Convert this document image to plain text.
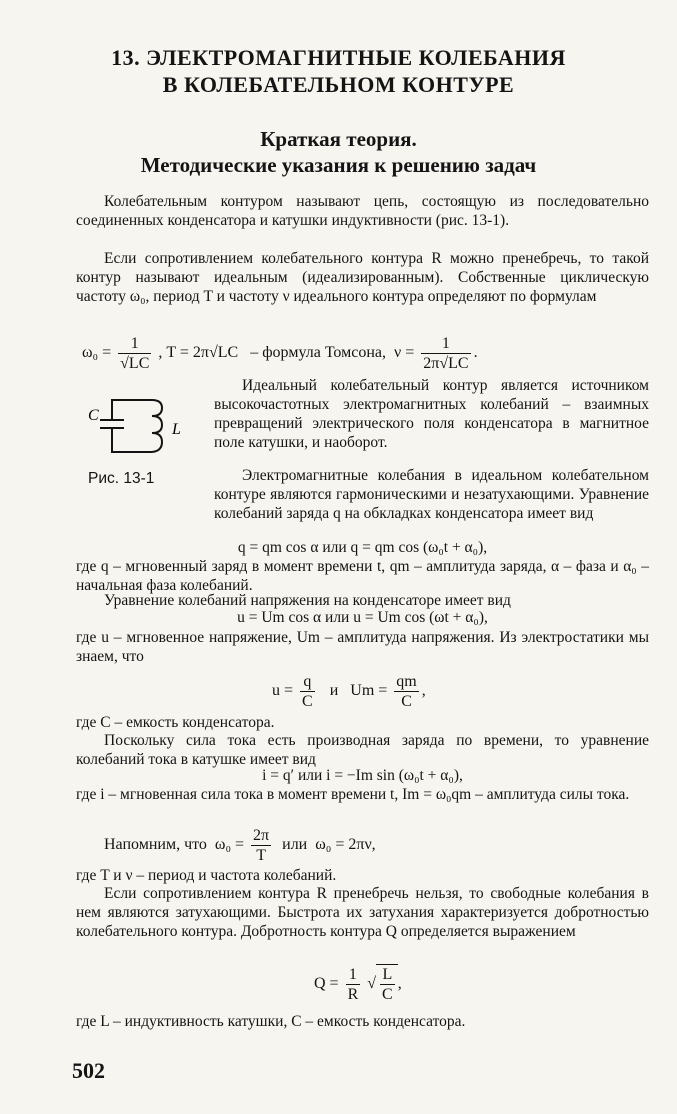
13. ЭЛЕКТРОМАГНИТНЫЕ КОЛЕБАНИЯ
В КОЛЕБАТЕЛЬНОМ КОНТУРЕ
Краткая теория.
Методические указания к решению задач

Колебательным контуром называют цепь, состоящую из последовательно соединенных конденсатора и катушки индуктивности (рис. 13-1).

Если сопротивлением колебательного контура R можно пренебречь, то такой контур называют идеальным (идеализированным). Собственные циклическую частоту ω₀, период T и частоту ν идеального контура определяют по формулам

$\omega_0 = \frac{1}{√LC}$ , T = 2π√LC – формула Томсона, $\nu = \frac{1}{2\pi√LC}$ .
C
L
Рис. 13-1

Идеальный колебательный контур является источником высокочастотных электромагнитных колебаний – взаимных превращений электрического поля конденсатора в магнитное поле катушки, и наоборот.

Электромагнитные колебания в идеальном колебательном контуре являются гармоническими и незатухающими. Уравнение колебаний заряда q на обкладках конденсатора имеет вид

q = qm cos α или q = qm cos (ω₀t + α₀),

где q – мгновенный заряд в момент времени t, qm – амплитуда заряда, α – фаза и α₀ – начальная фаза колебаний.

Уравнение колебаний напряжения на конденсаторе имеет вид

u = Um cos α или u = Um cos (ωt + α₀),

где u – мгновенное напряжение, Um – амплитуда напряжения. Из электростатики мы знаем, что

$u = \frac{q}{C}$ и $Um = \frac{qm}{C}$ ,

где C – емкость конденсатора.

Поскольку сила тока есть производная заряда по времени, то уравнение колебаний тока в катушке имеет вид

i = q′ или i = −Im sin (ω₀t + α₀),

где i – мгновенная сила тока в момент времени t, Im = ω₀qm – амплитуда силы тока.

Напомним, что $\omega_0 = \frac{2\pi}{T}$ или ω₀ = 2πν,

где T и ν – период и частота колебаний.

Если сопротивлением контура R пренебречь нельзя, то свободные колебания в нем являются затухающими. Быстрота их затухания характеризуется добротностью колебательного контура. Добротность контура Q определяется выражением

$Q = \frac{1}{R}$ √ $\frac{L}{C}$ ,

где L – индуктивность катушки, C – емкость конденсатора.

502
